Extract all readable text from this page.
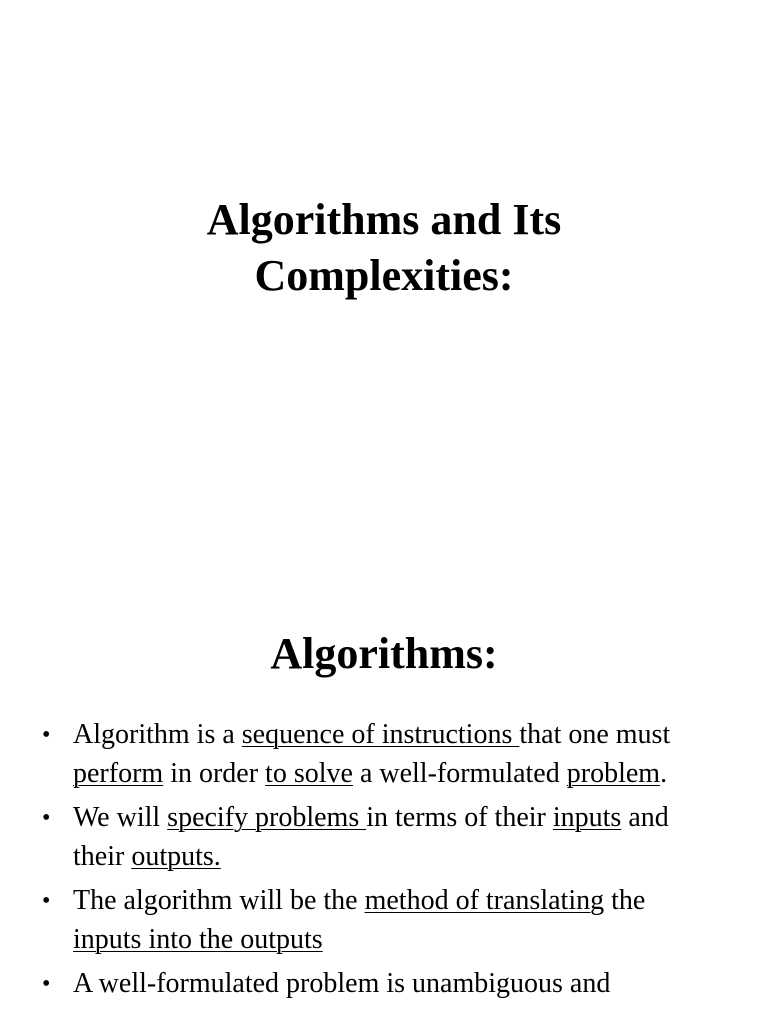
Algorithms and Its
Complexities:
Algorithms:
• Algorithm is a sequence of instructions that one must perform in order to solve a well-formulated problem.
• We will specify problems in terms of their inputs and their outputs.
• The algorithm will be the method of translating the inputs into the outputs
• A well-formulated problem is unambiguous and
